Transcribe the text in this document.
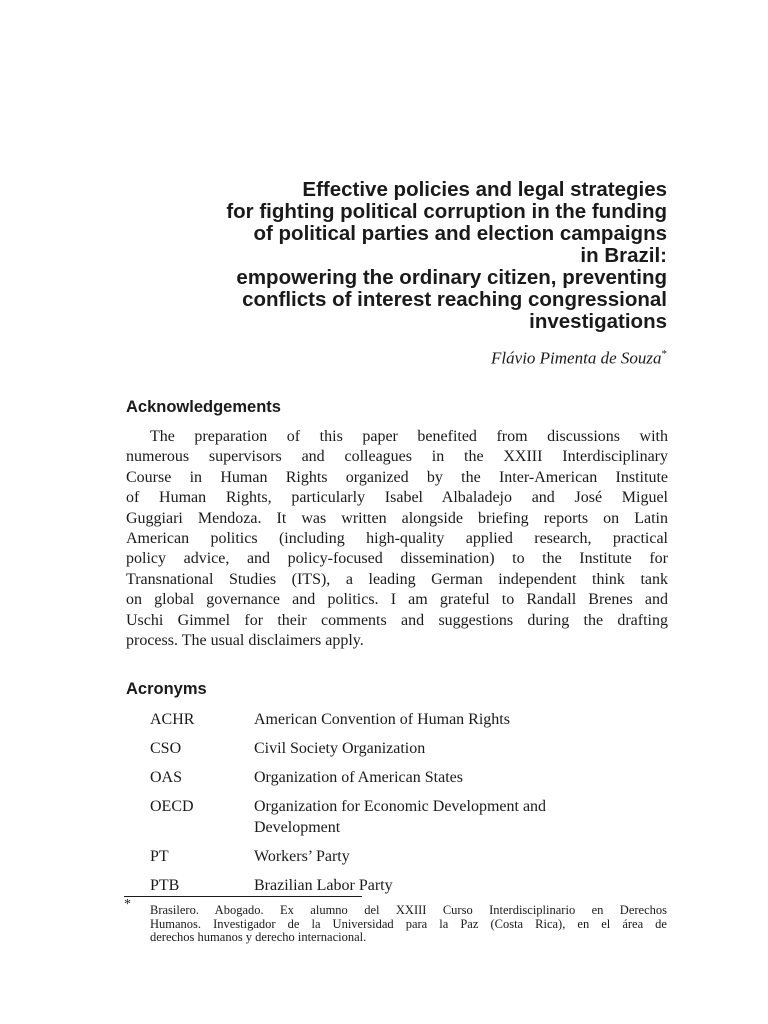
Effective policies and legal strategies
for fighting political corruption in the funding
of political parties and election campaigns
in Brazil:
empowering the ordinary citizen, preventing
conflicts of interest reaching congressional
investigations
Flávio Pimenta de Souza*
Acknowledgements
The preparation of this paper benefited from discussions with
numerous supervisors and colleagues in the XXIII Interdisciplinary
Course in Human Rights organized by the Inter-American Institute
of Human Rights, particularly Isabel Albaladejo and José Miguel
Guggiari Mendoza. It was written alongside briefing reports on Latin
American politics (including high-quality applied research, practical
policy advice, and policy-focused dissemination) to the Institute for
Transnational Studies (ITS), a leading German independent think tank
on global governance and politics. I am grateful to Randall Brenes and
Uschi Gimmel for their comments and suggestions during the drafting
process. The usual disclaimers apply.
Acronyms
ACHR	American Convention of Human Rights
CSO	Civil Society Organization
OAS	Organization of American States
OECD	Organization for Economic Development and Development
PT	Workers’ Party
PTB	Brazilian Labor Party
* Brasilero. Abogado. Ex alumno del XXIII Curso Interdisciplinario en Derechos
Humanos. Investigador de la Universidad para la Paz (Costa Rica), en el área de
derechos humanos y derecho internacional.
